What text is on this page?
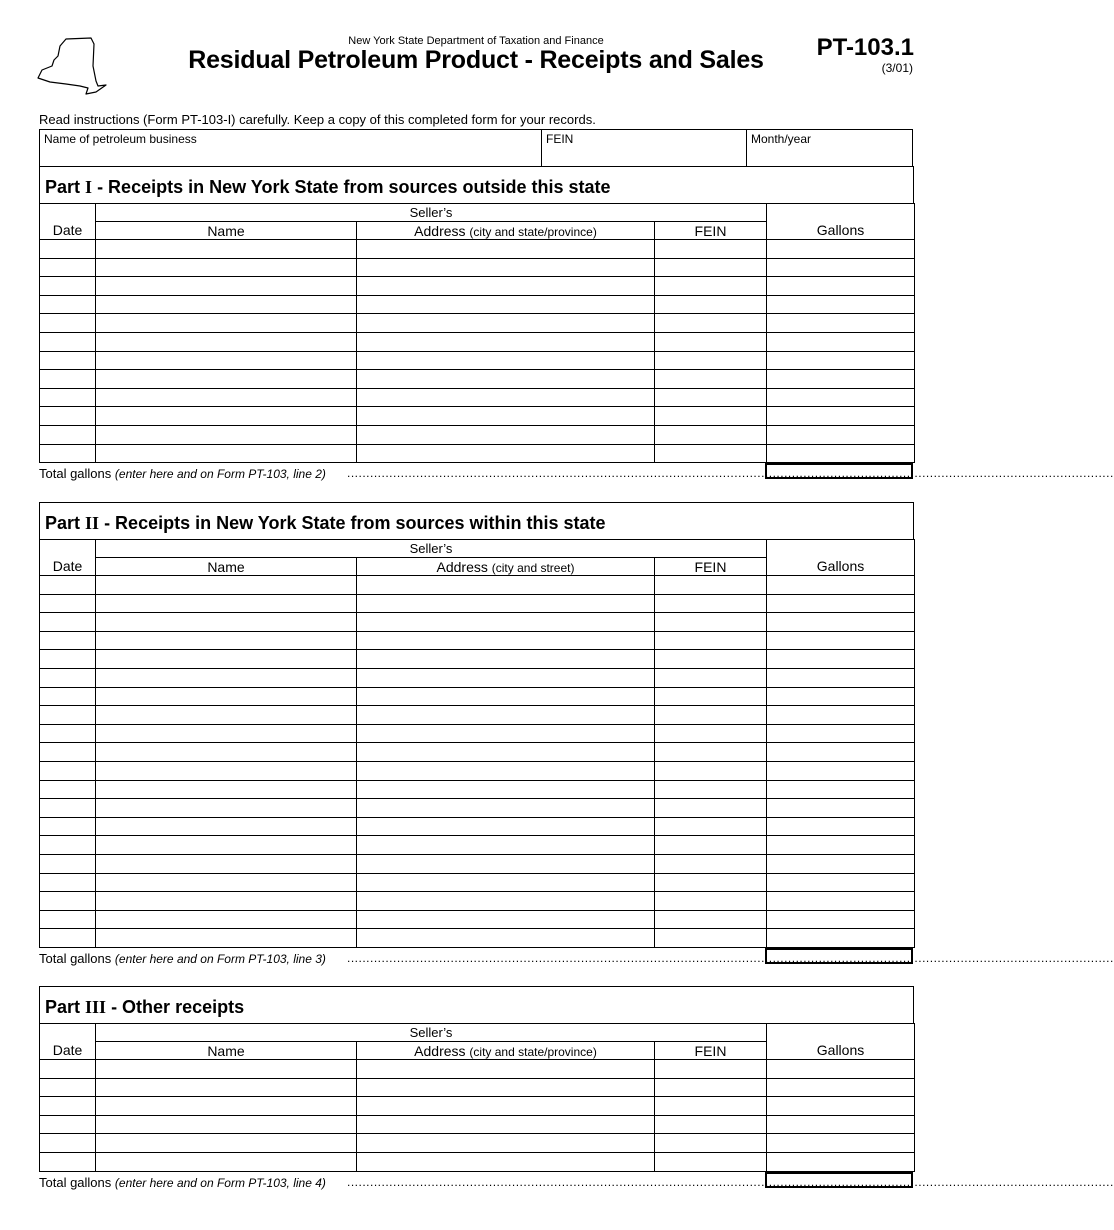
New York State Department of Taxation and Finance
Residual Petroleum Product - Receipts and Sales	PT-103.1
(3/01)
Read instructions (Form PT-103-I) carefully. Keep a copy of this completed form for your records.
Name of petroleum business	FEIN	Month/year
Part I - Receipts in New York State from sources outside this state
Date	Seller’s			Gallons
	Name	Address (city and state/province)	FEIN	

Total gallons (enter here and on Form PT-103, line 2) ........................................................................................................................................................................................................
Part II - Receipts in New York State from sources within this state
Date	Seller’s			Gallons
	Name	Address (city and street)	FEIN	

Total gallons (enter here and on Form PT-103, line 3) ........................................................................................................................................................................................................
Part III - Other receipts
Date	Seller’s			Gallons
	Name	Address (city and state/province)	FEIN	

Total gallons (enter here and on Form PT-103, line 4) ........................................................................................................................................................................................................
